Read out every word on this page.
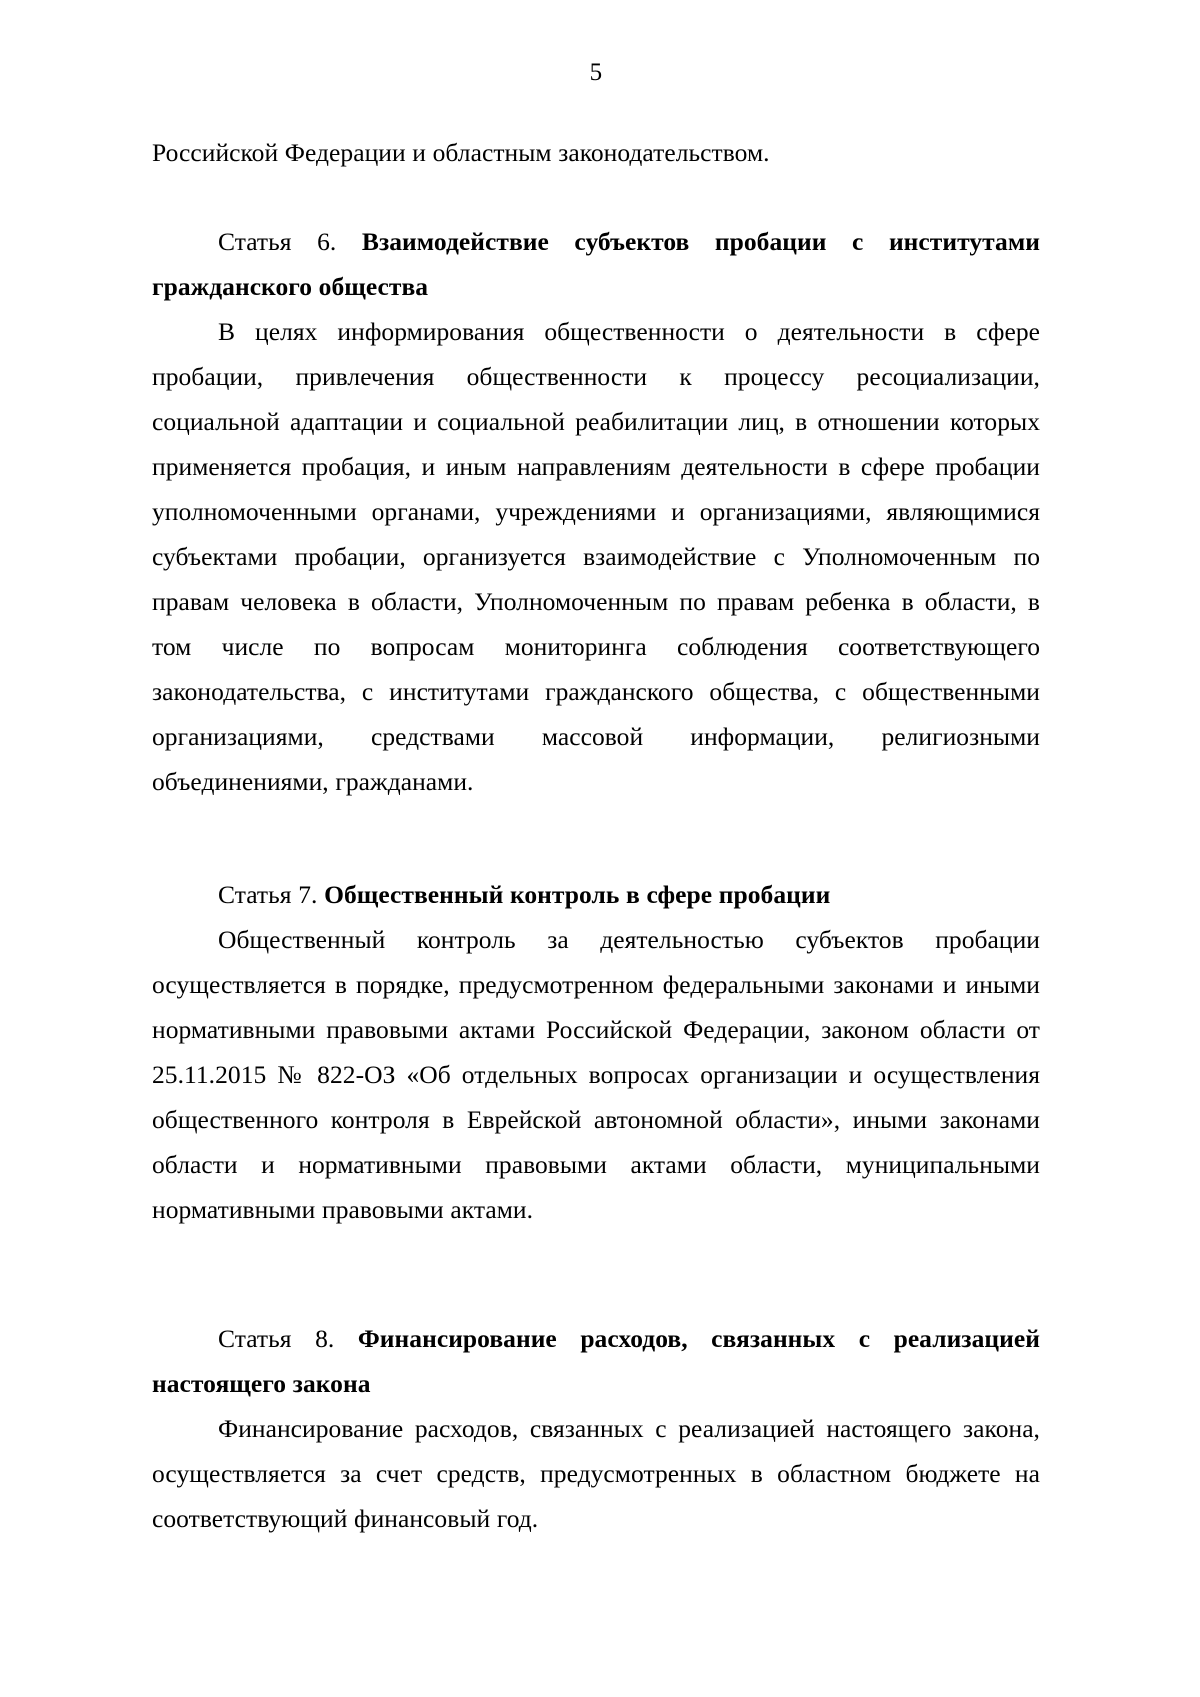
5

Российской Федерации и областным законодательством.

Статья 6. Взаимодействие субъектов пробации с институтами гражданского общества

В целях информирования общественности о деятельности в сфере пробации, привлечения общественности к процессу ресоциализации, социальной адаптации и социальной реабилитации лиц, в отношении которых применяется пробация, и иным направлениям деятельности в сфере пробации уполномоченными органами, учреждениями и организациями, являющимися субъектами пробации, организуется взаимодействие с Уполномоченным по правам человека в области, Уполномоченным по правам ребенка в области, в том числе по вопросам мониторинга соблюдения соответствующего законодательства, с институтами гражданского общества, с общественными организациями, средствами массовой информации, религиозными объединениями, гражданами.

Статья 7. Общественный контроль в сфере пробации

Общественный контроль за деятельностью субъектов пробации осуществляется в порядке, предусмотренном федеральными законами и иными нормативными правовыми актами Российской Федерации, законом области от 25.11.2015 № 822-ОЗ «Об отдельных вопросах организации и осуществления общественного контроля в Еврейской автономной области», иными законами области и нормативными правовыми актами области, муниципальными нормативными правовыми актами.

Статья 8. Финансирование расходов, связанных с реализацией настоящего закона

Финансирование расходов, связанных с реализацией настоящего закона, осуществляется за счет средств, предусмотренных в областном бюджете на соответствующий финансовый год.
